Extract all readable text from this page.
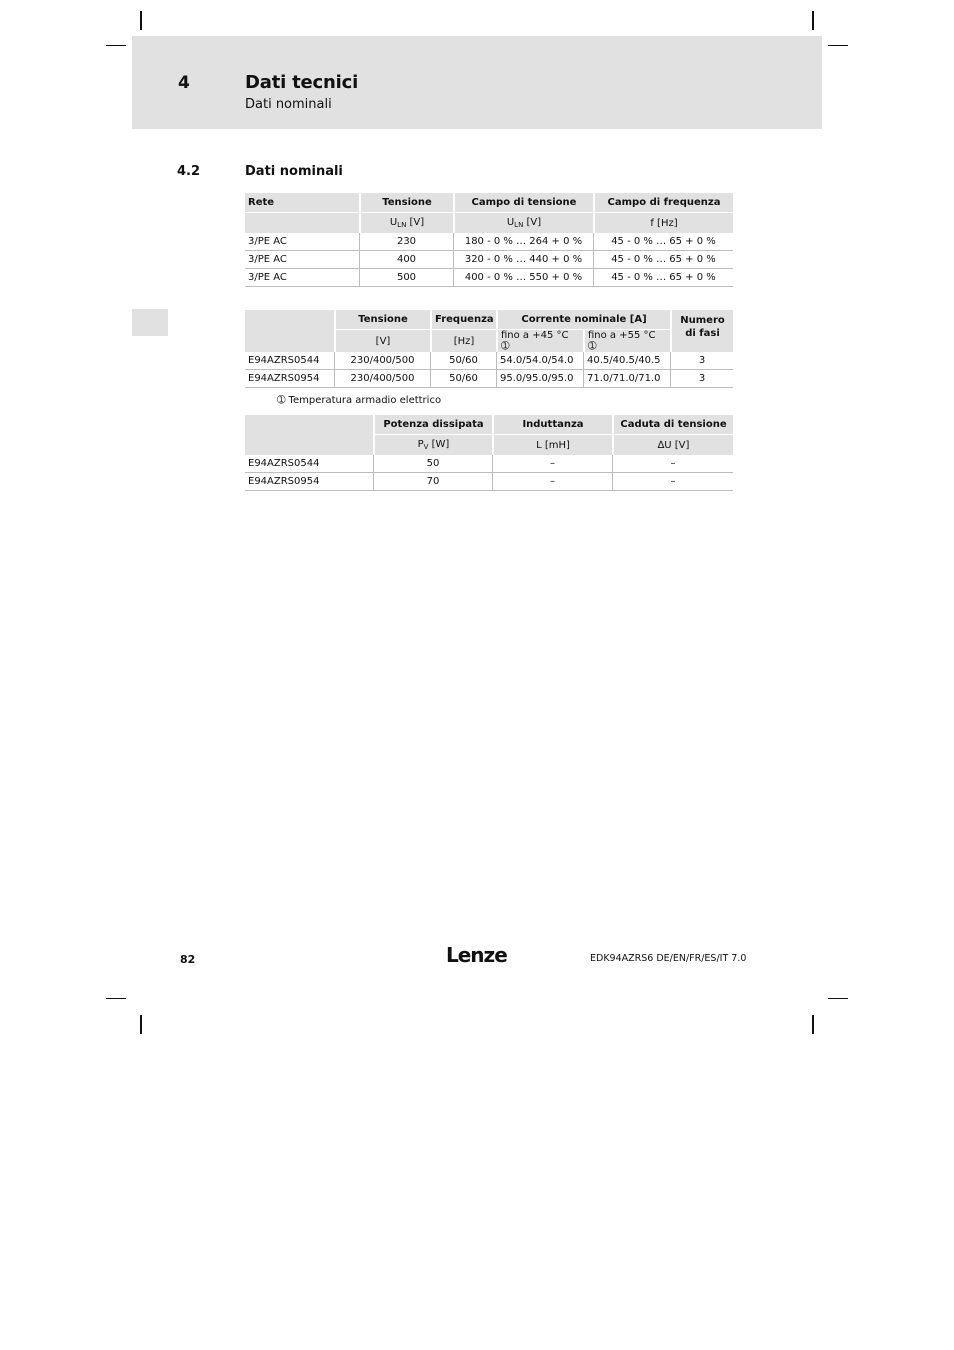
4	Dati tecnici
Dati nominali
4.2	Dati nominali
Rete	Tensione	Campo di tensione	Campo di frequenza
	$U_{LN}$ [V]	$U_{LN}$ [V]	f [Hz]
3/PE AC	230	180 - 0 % … 264 + 0 %	45 - 0 % … 65 + 0 %
3/PE AC	400	320 - 0 % … 440 + 0 %	45 - 0 % … 65 + 0 %
3/PE AC	500	400 - 0 % … 550 + 0 %	45 - 0 % … 65 + 0 %
	Tensione	Frequenza	Corrente nominale [A]		Numero di fasi
	[V]	[Hz]	fino a +45 °C ➀	fino a +55 °C ➀	
E94AZRS0544	230/400/500	50/60	54.0/54.0/54.0	40.5/40.5/40.5	3
E94AZRS0954	230/400/500	50/60	95.0/95.0/95.0	71.0/71.0/71.0	3
➀ Temperatura armadio elettrico
	Potenza dissipata	Induttanza	Caduta di tensione
	$P_V$ [W]	L [mH]	∆U [V]
E94AZRS0544	50	–	–
E94AZRS0954	70	–	–
82	Lenze	EDK94AZRS6 DE/EN/FR/ES/IT 7.0
